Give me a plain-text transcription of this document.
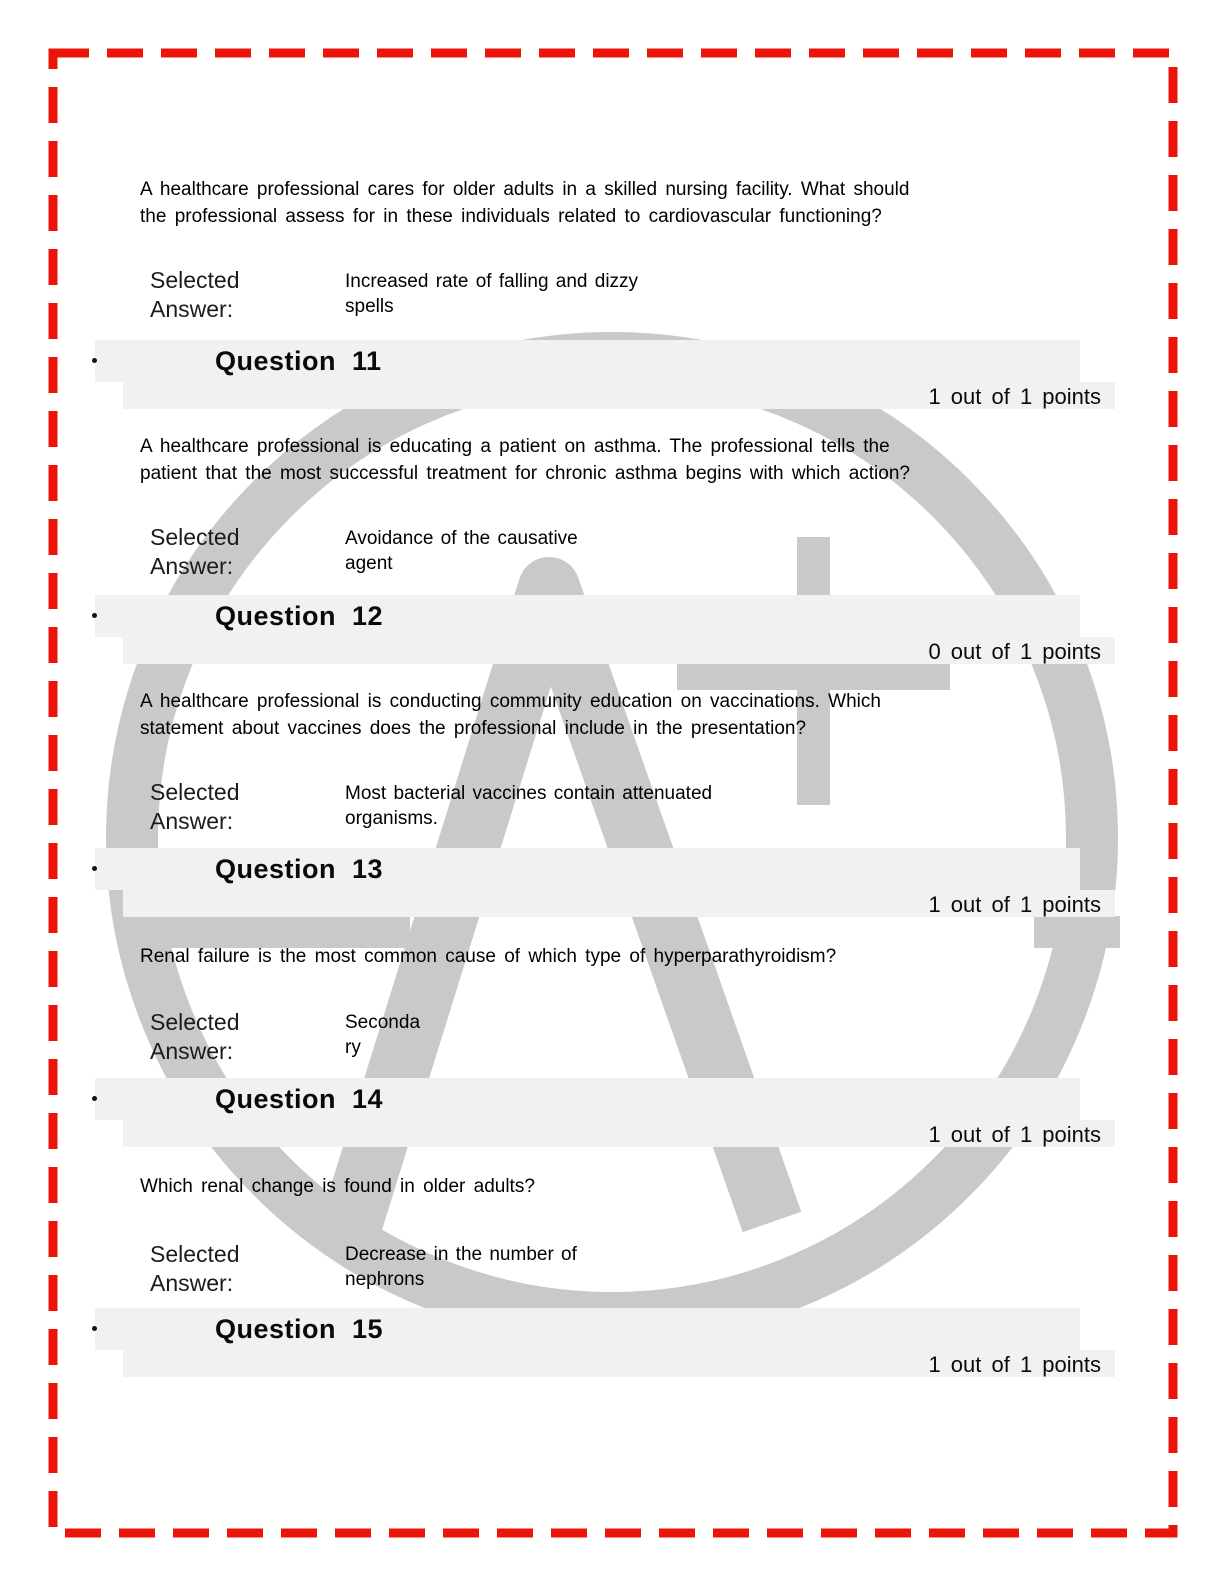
A healthcare professional cares for older adults in a skilled nursing facility. What should
the professional assess for in these individuals related to cardiovascular functioning?
Selected
Answer:
Increased rate of falling and dizzy
spells
Question 11
1 out of 1 points
A healthcare professional is educating a patient on asthma. The professional tells the
patient that the most successful treatment for chronic asthma begins with which action?
Selected
Answer:
Avoidance of the causative
agent
Question 12
0 out of 1 points
A healthcare professional is conducting community education on vaccinations. Which
statement about vaccines does the professional include in the presentation?
Selected
Answer:
Most bacterial vaccines contain attenuated
organisms.
Question 13
1 out of 1 points
Renal failure is the most common cause of which type of hyperparathyroidism?
Selected
Answer:
Seconda
ry
Question 14
1 out of 1 points
Which renal change is found in older adults?
Selected
Answer:
Decrease in the number of
nephrons
Question 15
1 out of 1 points
